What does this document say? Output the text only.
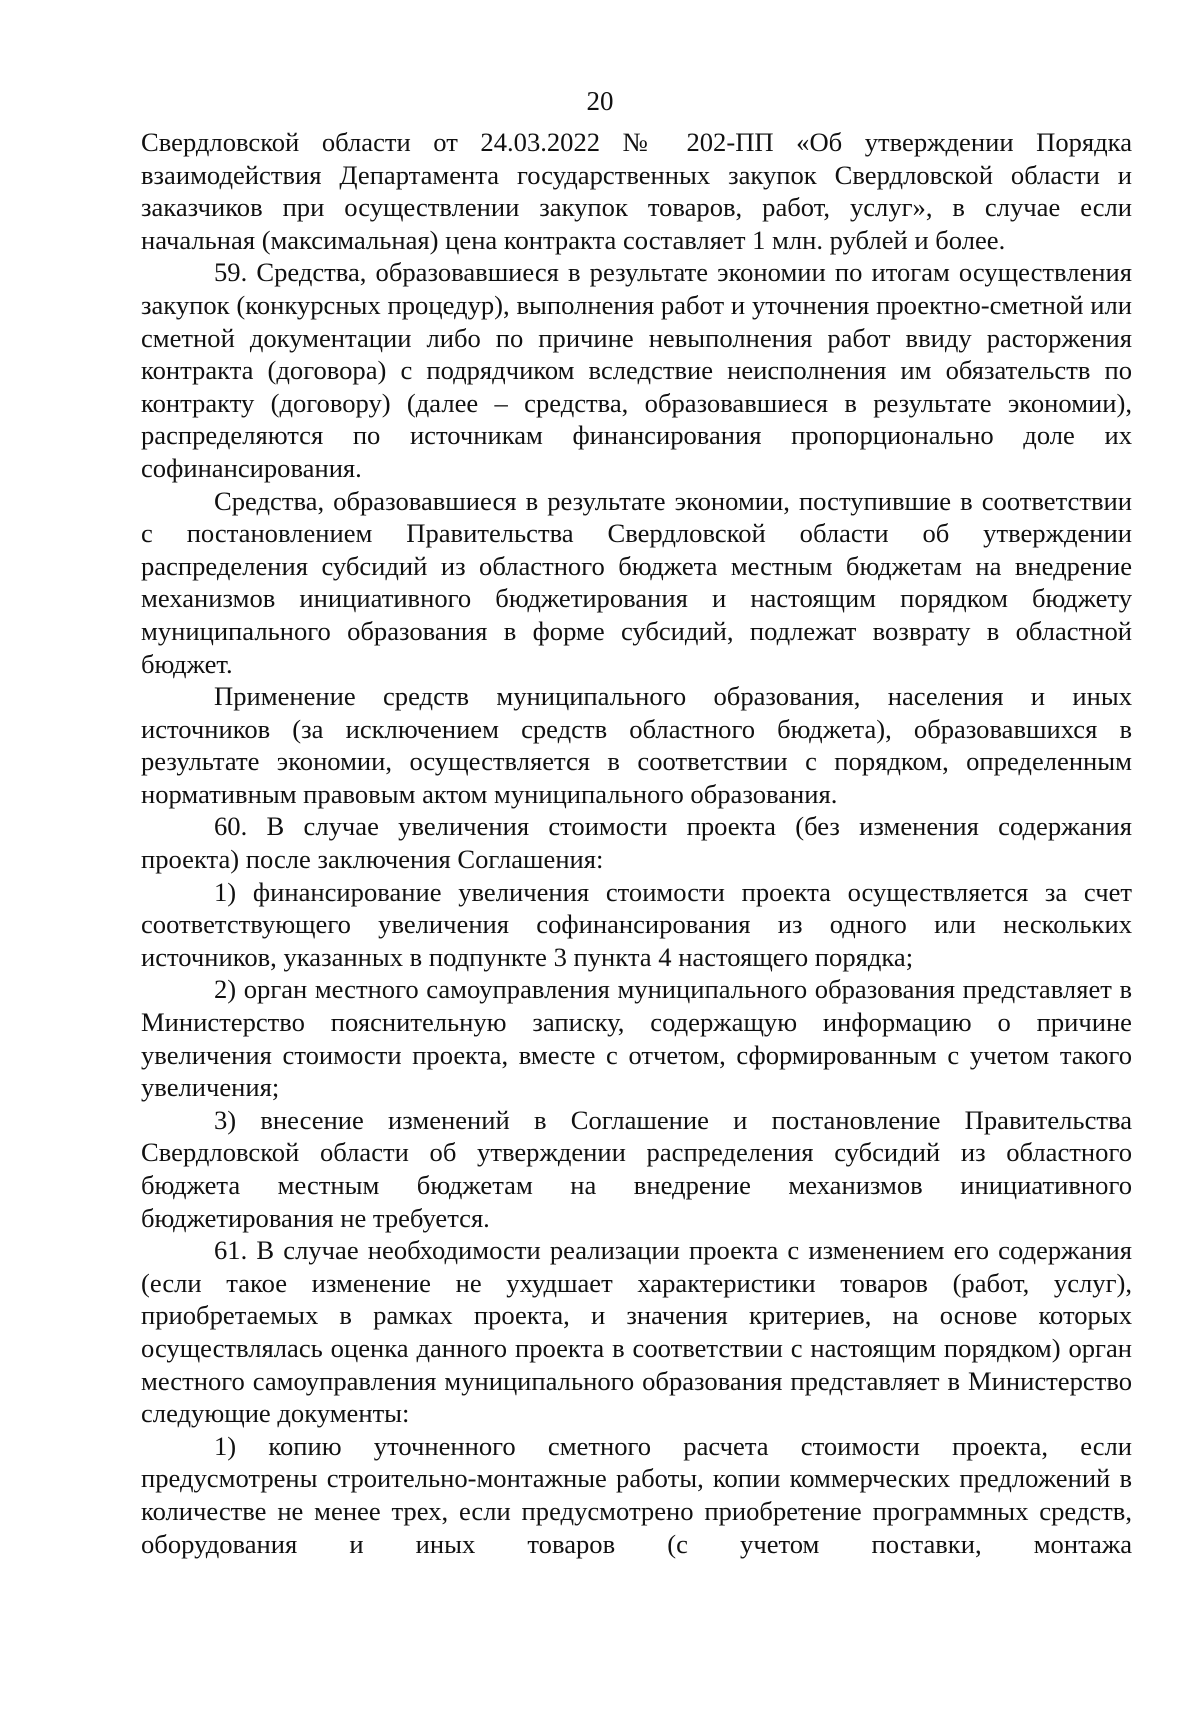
20

Свердловской области от 24.03.2022 № 202-ПП «Об утверждении Порядка взаимодействия Департамента государственных закупок Свердловской области и заказчиков при осуществлении закупок товаров, работ, услуг», в случае если начальная (максимальная) цена контракта составляет 1 млн. рублей и более.

59. Средства, образовавшиеся в результате экономии по итогам осуществления закупок (конкурсных процедур), выполнения работ и уточнения проектно-сметной или сметной документации либо по причине невыполнения работ ввиду расторжения контракта (договора) с подрядчиком вследствие неисполнения им обязательств по контракту (договору) (далее – средства, образовавшиеся в результате экономии), распределяются по источникам финансирования пропорционально доле их софинансирования.

Средства, образовавшиеся в результате экономии, поступившие в соответствии с постановлением Правительства Свердловской области об утверждении распределения субсидий из областного бюджета местным бюджетам на внедрение механизмов инициативного бюджетирования и настоящим порядком бюджету муниципального образования в форме субсидий, подлежат возврату в областной бюджет.

Применение средств муниципального образования, населения и иных источников (за исключением средств областного бюджета), образовавшихся в результате экономии, осуществляется в соответствии с порядком, определенным нормативным правовым актом муниципального образования.

60. В случае увеличения стоимости проекта (без изменения содержания проекта) после заключения Соглашения:

1) финансирование увеличения стоимости проекта осуществляется за счет соответствующего увеличения софинансирования из одного или нескольких источников, указанных в подпункте 3 пункта 4 настоящего порядка;

2) орган местного самоуправления муниципального образования представляет в Министерство пояснительную записку, содержащую информацию о причине увеличения стоимости проекта, вместе с отчетом, сформированным с учетом такого увеличения;

3) внесение изменений в Соглашение и постановление Правительства Свердловской области об утверждении распределения субсидий из областного бюджета местным бюджетам на внедрение механизмов инициативного бюджетирования не требуется.

61. В случае необходимости реализации проекта с изменением его содержания (если такое изменение не ухудшает характеристики товаров (работ, услуг), приобретаемых в рамках проекта, и значения критериев, на основе которых осуществлялась оценка данного проекта в соответствии с настоящим порядком) орган местного самоуправления муниципального образования представляет в Министерство следующие документы:

1) копию уточненного сметного расчета стоимости проекта, если предусмотрены строительно-монтажные работы, копии коммерческих предложений в количестве не менее трех, если предусмотрено приобретение программных средств, оборудования и иных товаров (с учетом поставки, монтажа
